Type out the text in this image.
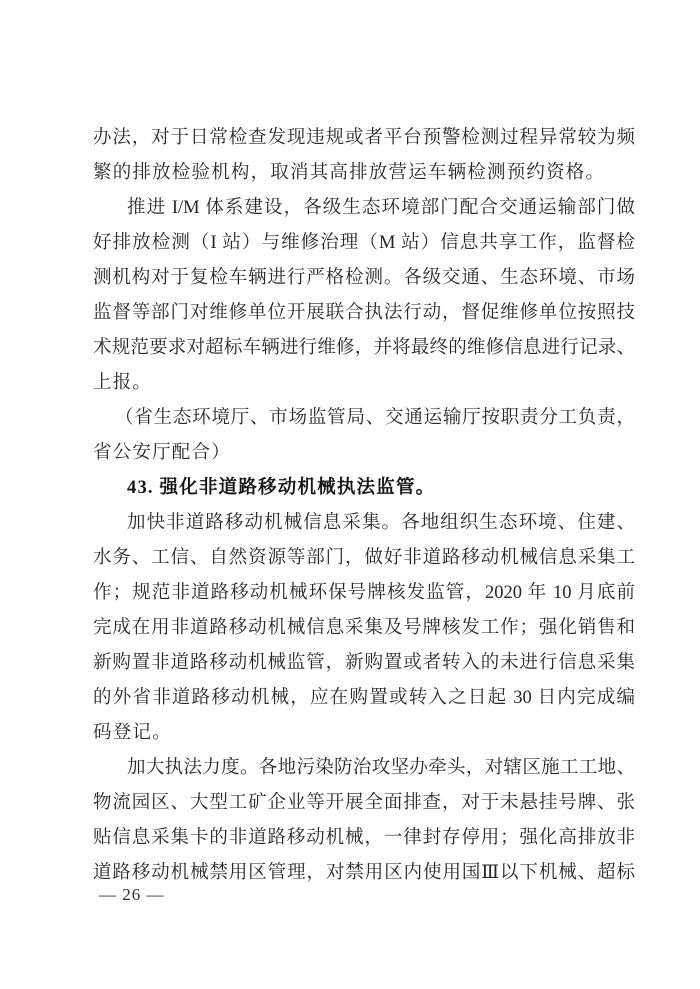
办法，对于日常检查发现违规或者平台预警检测过程异常较为频
繁的排放检验机构，取消其高排放营运车辆检测预约资格。
推进 I/M 体系建设，各级生态环境部门配合交通运输部门做
好排放检测（I 站）与维修治理（M 站）信息共享工作，监督检
测机构对于复检车辆进行严格检测。各级交通、生态环境、市场
监督等部门对维修单位开展联合执法行动，督促维修单位按照技
术规范要求对超标车辆进行维修，并将最终的维修信息进行记录、
上报。
（省生态环境厅、市场监管局、交通运输厅按职责分工负责，
省公安厅配合）
43. 强化非道路移动机械执法监管。
加快非道路移动机械信息采集。各地组织生态环境、住建、
水务、工信、自然资源等部门，做好非道路移动机械信息采集工
作；规范非道路移动机械环保号牌核发监管，2020 年 10 月底前
完成在用非道路移动机械信息采集及号牌核发工作；强化销售和
新购置非道路移动机械监管，新购置或者转入的未进行信息采集
的外省非道路移动机械，应在购置或转入之日起 30 日内完成编
码登记。
加大执法力度。各地污染防治攻坚办牵头，对辖区施工工地、
物流园区、大型工矿企业等开展全面排查，对于未悬挂号牌、张
贴信息采集卡的非道路移动机械，一律封存停用；强化高排放非
道路移动机械禁用区管理，对禁用区内使用国Ⅲ以下机械、超标
— 26 —
